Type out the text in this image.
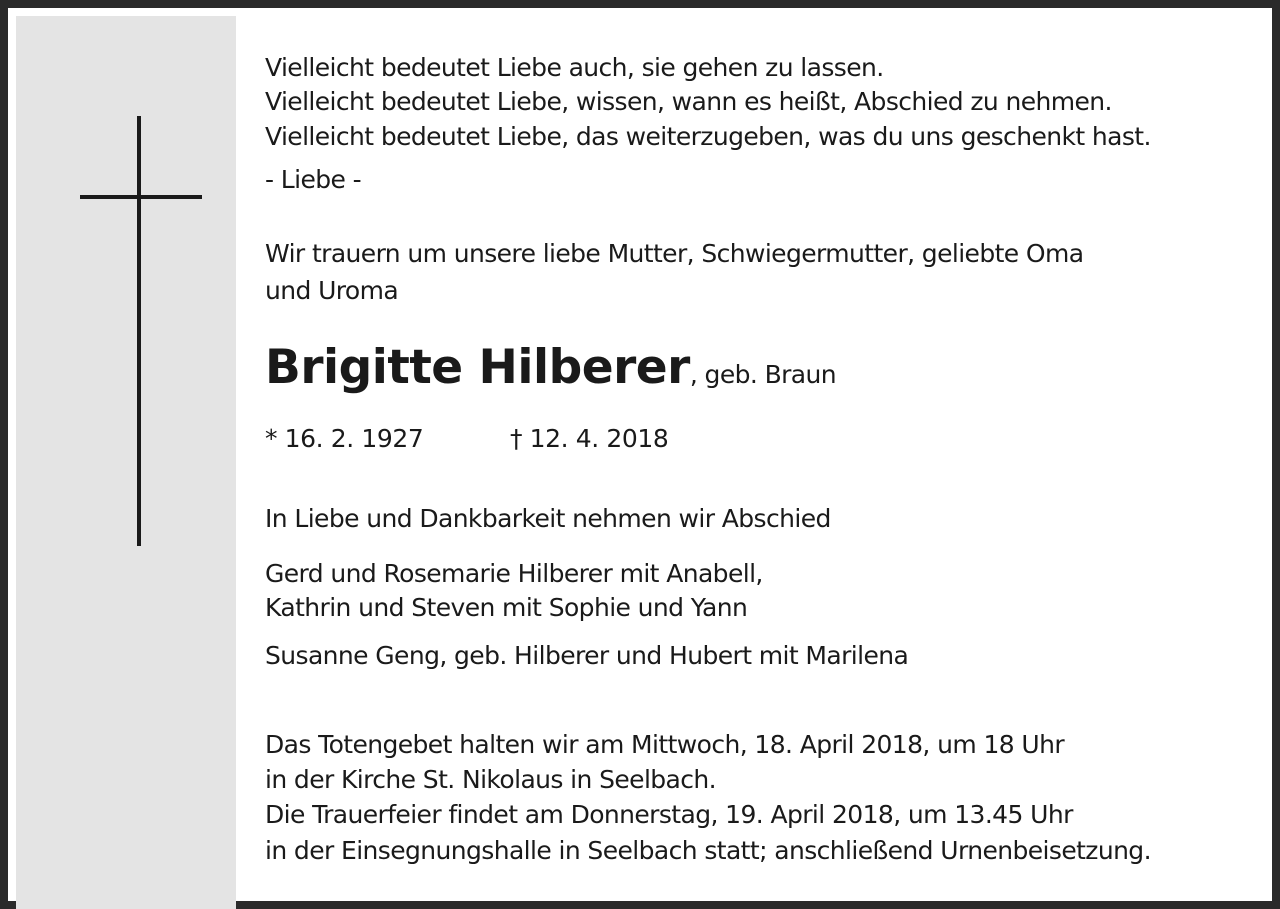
Vielleicht bedeutet Liebe auch, sie gehen zu lassen.
Vielleicht bedeutet Liebe, wissen, wann es heißt, Abschied zu nehmen.
Vielleicht bedeutet Liebe, das weiterzugeben, was du uns geschenkt hast.
- Liebe -
Wir trauern um unsere liebe Mutter, Schwiegermutter, geliebte Oma
und Uroma
Brigitte Hilberer, geb. Braun
* 16. 2. 1927	† 12. 4. 2018
In Liebe und Dankbarkeit nehmen wir Abschied
Gerd und Rosemarie Hilberer mit Anabell,
Kathrin und Steven mit Sophie und Yann
Susanne Geng, geb. Hilberer und Hubert mit Marilena
Das Totengebet halten wir am Mittwoch, 18. April 2018, um 18 Uhr
in der Kirche St. Nikolaus in Seelbach.
Die Trauerfeier findet am Donnerstag, 19. April 2018, um 13.45 Uhr
in der Einsegnungshalle in Seelbach statt; anschließend Urnenbeisetzung.
